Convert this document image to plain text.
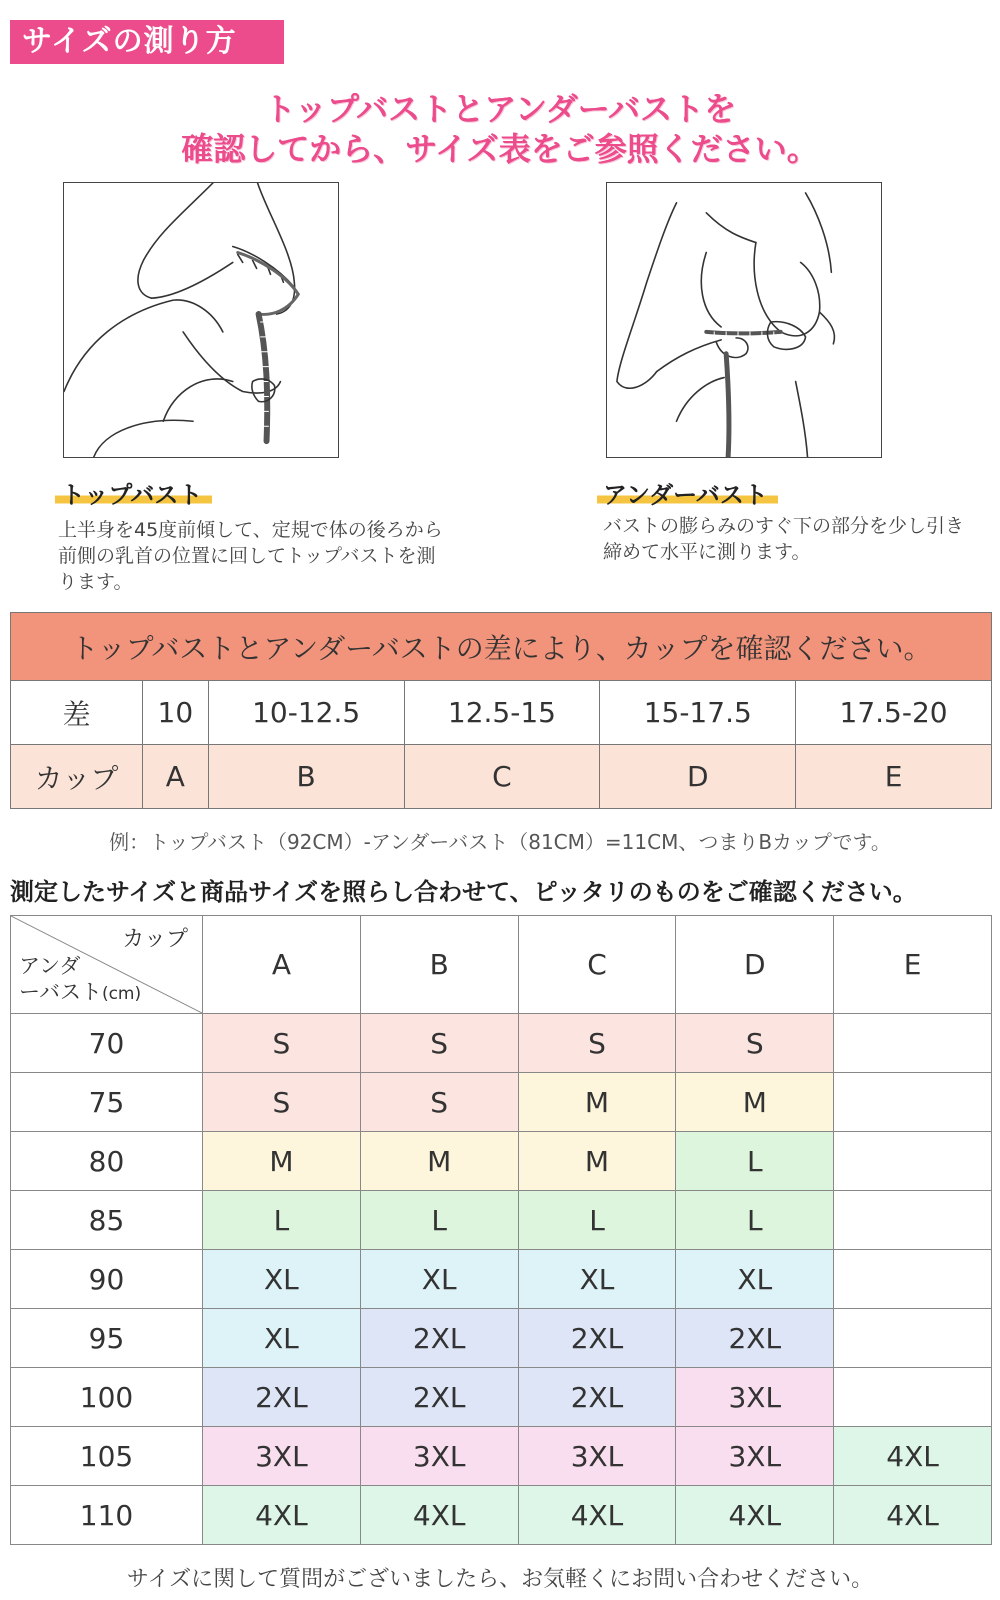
サイズの測り方
トップバストとアンダーバストを
確認してから、サイズ表をご参照ください。
トップバスト
上半身を45度前傾して、定規で体の後ろから前側の乳首の位置に回してトップバストを測ります。
アンダーバスト
バストの膨らみのすぐ下の部分を少し引き締めて水平に測ります。
トップバストとアンダーバストの差により、カップを確認ください。					
差	10	10-12.5	12.5-15	15-17.5	17.5-20
カップ	A	B	C	D	E
例：トップバスト（92CM）-アンダーバスト（81CM）=11CM、つまりBカップです。
測定したサイズと商品サイズを照らし合わせて、ピッタリのものをご確認ください。
カップ
アンダ
ーバスト(cm)	A	B	C	D	E
70	S	S	S	S	
75	S	S	M	M	
80	M	M	M	L	
85	L	L	L	L	
90	XL	XL	XL	XL	
95	XL	2XL	2XL	2XL	
100	2XL	2XL	2XL	3XL	
105	3XL	3XL	3XL	3XL	4XL
110	4XL	4XL	4XL	4XL	4XL
サイズに関して質問がございましたら、お気軽くにお問い合わせください。
